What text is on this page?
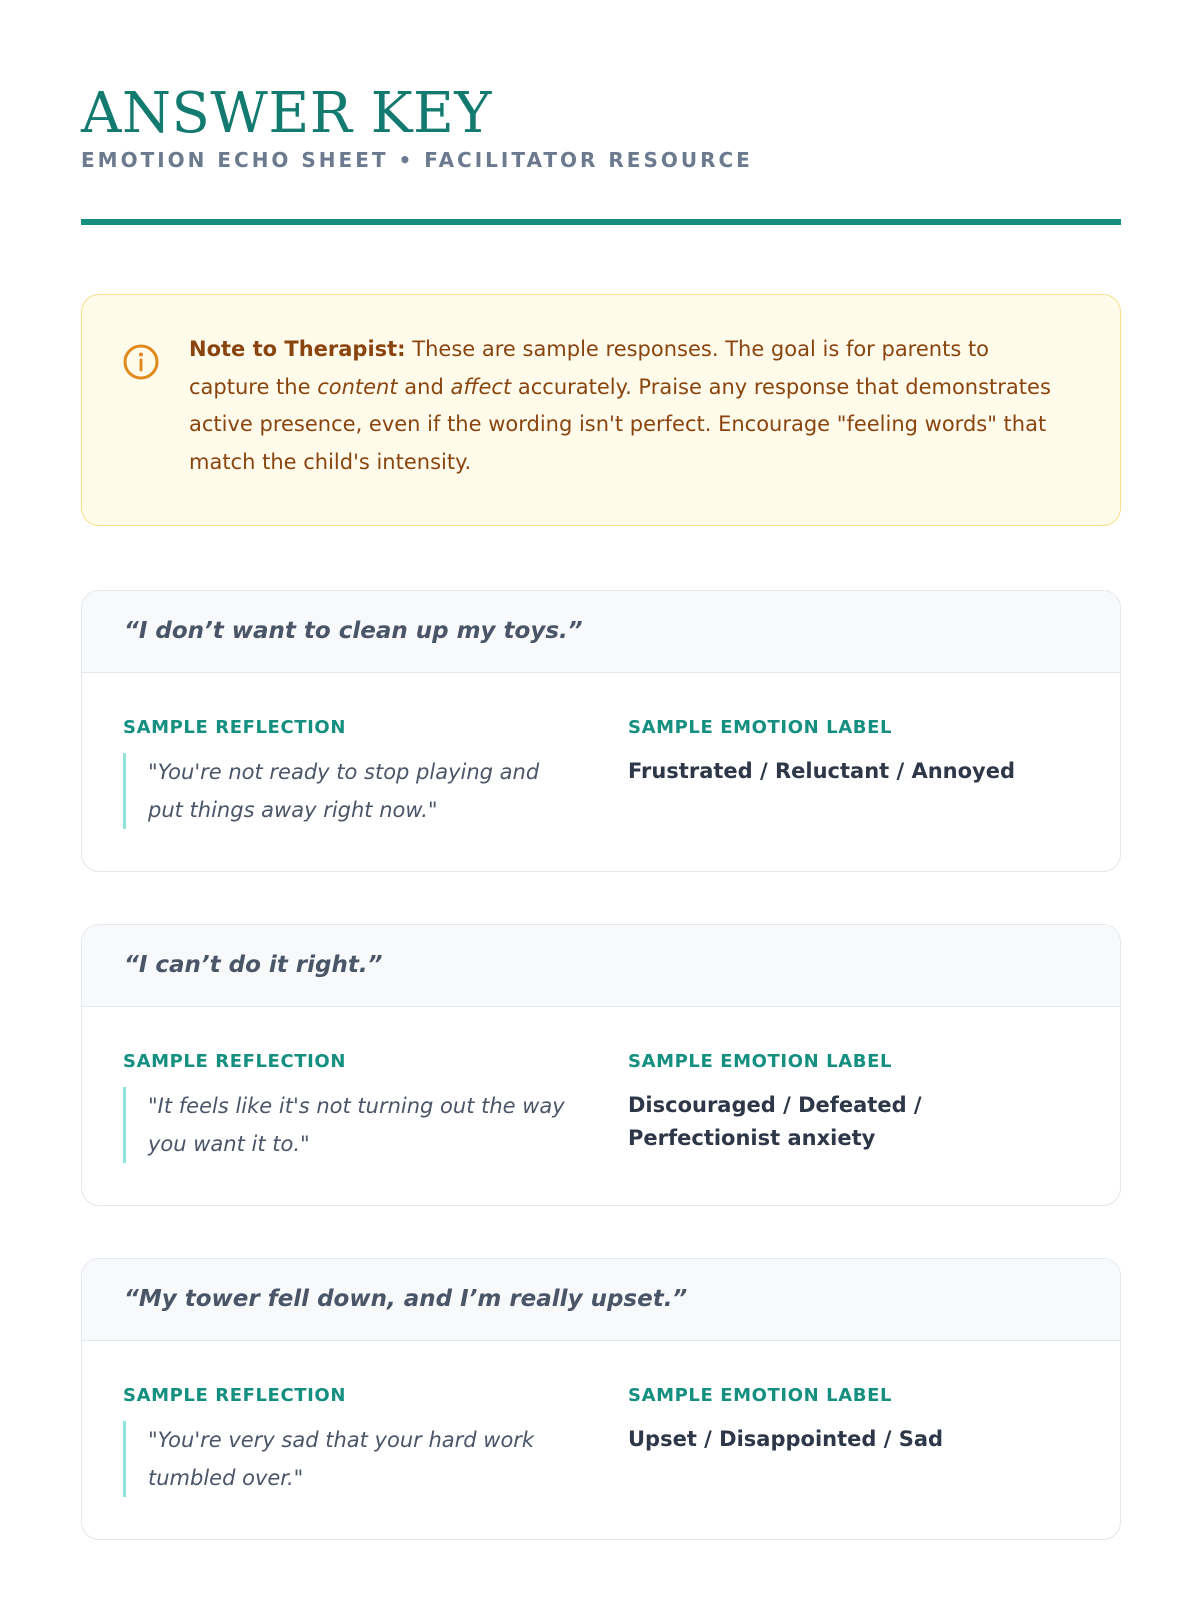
ANSWER KEY
EMOTION ECHO SHEET • FACILITATOR RESOURCE
Note to Therapist: These are sample responses. The goal is for parents to capture the content and affect accurately. Praise any response that demonstrates active presence, even if the wording isn't perfect. Encourage "feeling words" that match the child's intensity.
“I don’t want to clean up my toys.”
SAMPLE REFLECTION
"You're not ready to stop playing and put things away right now."
SAMPLE EMOTION LABEL
Frustrated / Reluctant / Annoyed
“I can’t do it right.”
SAMPLE REFLECTION
"It feels like it's not turning out the way you want it to."
SAMPLE EMOTION LABEL
Discouraged / Defeated / Perfectionist anxiety
“My tower fell down, and I’m really upset.”
SAMPLE REFLECTION
"You're very sad that your hard work tumbled over."
SAMPLE EMOTION LABEL
Upset / Disappointed / Sad
